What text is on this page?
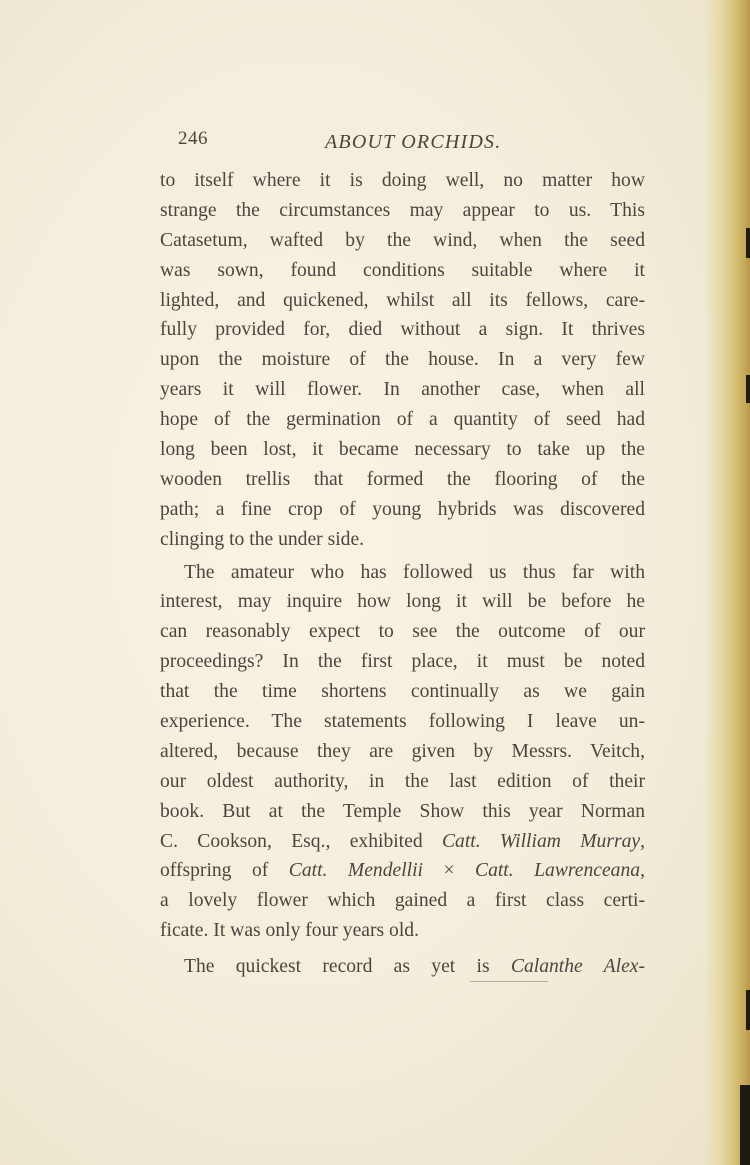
246	ABOUT ORCHIDS.
to itself where it is doing well, no matter how
strange the circumstances may appear to us. This
Catasetum, wafted by the wind, when the seed
was sown, found conditions suitable where it
lighted, and quickened, whilst all its fellows, care-
fully provided for, died without a sign. It thrives
upon the moisture of the house. In a very few
years it will flower. In another case, when all
hope of the germination of a quantity of seed had
long been lost, it became necessary to take up the
wooden trellis that formed the flooring of the
path; a fine crop of young hybrids was discovered
clinging to the under side.
The amateur who has followed us thus far with
interest, may inquire how long it will be before he
can reasonably expect to see the outcome of our
proceedings? In the first place, it must be noted
that the time shortens continually as we gain
experience. The statements following I leave un-
altered, because they are given by Messrs. Veitch,
our oldest authority, in the last edition of their
book. But at the Temple Show this year Norman
C. Cookson, Esq., exhibited Catt. William Murray,
offspring of Catt. Mendellii × Catt. Lawrenceana,
a lovely flower which gained a first class certi-
ficate. It was only four years old.
The quickest record as yet is Calanthe Alex-
